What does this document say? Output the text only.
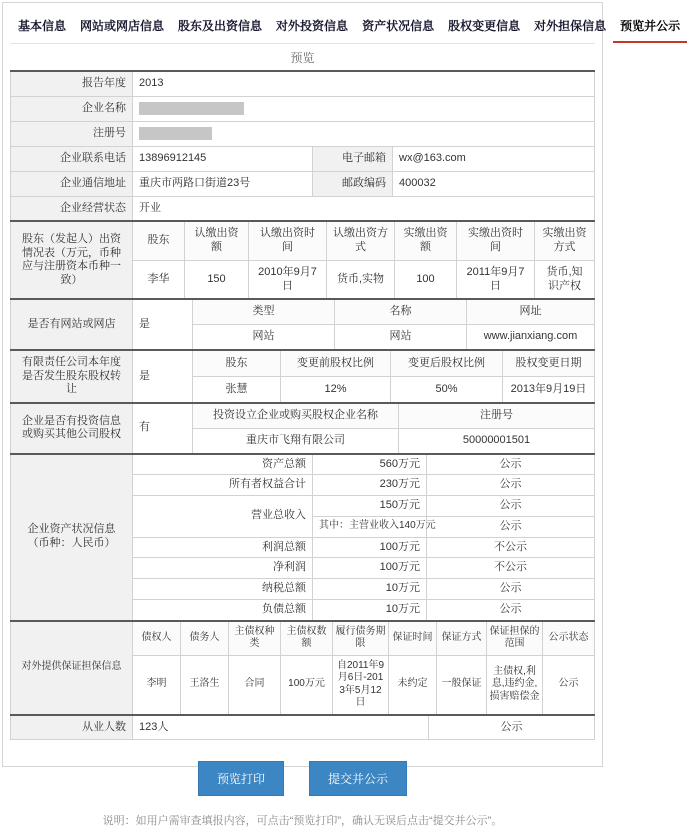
基本信息	网站或网店信息	股东及出资信息	对外投资信息	资产状况信息	股权变更信息	对外担保信息	预览并公示
预览
报告年度	2013		
企业名称			
注册号			
企业联系电话	13896912145	电子邮箱	wx@163.com
企业通信地址	重庆市两路口街道23号	邮政编码	400032
企业经营状态	开业		
股东（发起人）出资情况表（万元，币种应与注册资本币种一致）	股东	认缴出资额	认缴出资时间	认缴出资方式	实缴出资额	实缴出资时间	实缴出资方式
	李华	150	2010年9月7日	货币,实物	100	2011年9月7日	货币,知识产权
是否有网站或网店	是	类型	名称	网址
		网站	网站	www.jianxiang.com
有限责任公司本年度是否发生股东股权转让	是	股东	变更前股权比例	变更后股权比例	股权变更日期
		张慧	12%	50%	2013年9月19日
企业是否有投资信息或购买其他公司股权	有	投资设立企业或购买股权企业名称	注册号
		重庆市飞翔有限公司	50000001501
企业资产状况信息（币种：人民币）	资产总额	560万元	公示
	所有者权益合计	230万元	公示
	营业总收入	150万元	公示
		其中：主营业收入140万元	公示
	利润总额	100万元	不公示
	净利润	100万元	不公示
	纳税总额	10万元	公示
	负债总额	10万元	公示
对外提供保证担保信息	债权人	债务人	主债权种类	主债权数额	履行债务期限	保证时间	保证方式	保证担保的范围	公示状态
	李明	王洛生	合同	100万元	自2011年9月6日-2013年5月12日	未约定	一般保证	主债权,利息,违约金,损害赔偿金	公示
从业人数	123人	公示
预览打印	提交并公示
说明：如用户需审查填报内容，可点击“预览打印”，确认无误后点击“提交并公示”。
